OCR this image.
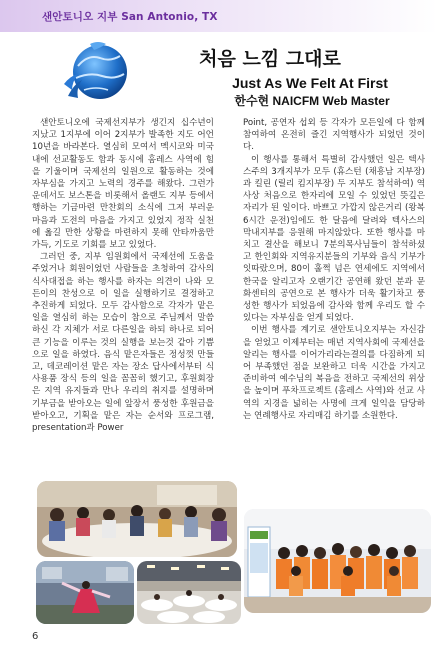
샌안토니오 지부 San Antonio, TX
처음 느낌 그대로
Just As We Felt At First
한수현 NAICFM Web Master

샌안토니오에 국제선지부가 생긴지 십수년이 지났고 1지부에 이어 2지부가 발족한 지도 어언 10년을 바라본다. 열심히 모여서 멕시코와 미국내에 선교활동도 함과 동시에 홈레스 사역에 힘을 기울이며 국제선의 일원으로 활동하는 것에 자부심을 가지고 노력의 경주를 해왔다. 그런가운데서도 보스톤을 비롯해서 올랜도 지부 등에서 행하는 기금마련 만찬회의 소식에 그저 부러운 마음과 도전의 마음을 가지고 있었지 정작 실천에 옮길 만한 상황을 마련하지 못해 안타까움만 가득, 기도로 기회를 보고 있었다.

그러던 중, 지부 임원회에서 국제선에 도움을 주었거나 회원이었던 사람들을 초청하여 감사의 식사대접을 하는 행사를 하자는 의견이 나와 모든이의 찬성으로 이 일을 실행하기로 결정하고 추진하게 되었다. 모두 감사함으로 각자가 맡은 일을 열심히 하는 모습이 참으로 주님께서 말씀하신 각 지체가 서로 다른일을 하되 하나로 되어 큰 기능을 이루는 것의 실행을 보는것 같아 기쁨으로 일을 하였다. 음식 맡은자들은 정성껏 만들고, 데코레이션 맡은 자는 장소 답사에서부터 식사용품 장식 등의 일을 꼼꼼히 했기고, 후원회장은 지역 유지들과 만나 우리의 취지를 설명하며 기부금을 받아오는 일에 앞장서 풍성한 후원금을 받아오고, 기획을 맡은 자는 순서와 프로그램, presentation과 Power

Point, 공연자 섭외 등 각자가 모든일에 다 함께 참여하여 온전히 즐긴 지역행사가 되었던 것이다.

이 행사를 통해서 특별히 감사했던 일은 텍사스주의 3개지부가 모두 (휴스턴 (채흥남 지부장)과 킬린 (릴리 킴지부장) 두 지부도 참석하여) 역사상 처음으로 한자리에 모일 수 있었던 뜻깊은 자리가 된 일이다. 바쁘고 가깝지 않은거리 (왕복6시간 운전)임에도 한 달음에 달려와 텍사스의 막내지부를 응원해 마지않았다. 또한 행사를 마치고 결산을 해보니 7분의목사님들이 참석하셨고 한인회와 지역유지분들의 기부와 음식 기부가 잇따랐으며, 80이 훌쩍 넘은 연세에도 지역에서 한국을 알리고자 오랜기간 공연해 왔던 분과 문화센터의 공연으로 본 행사가 더욱 활기차고 풍성한 행사가 되었음에 감사와 함께 우리도 할 수있다는 자부심을 얻게 되었다.

이번 행사를 계기로 샌안토니오지부는 자신감을 얻었고 이제부터는 매년 지역사회에 국제선을 알리는 행사를 이어가리라는결의를 다짐하게 되어 부족했던 점을 보완하고 더욱 시간을 가지고 준비하여 예수님의 복음을 전하고 국제선의 위상을 높이며 푸차프로젝트 (홈레스 사역)와 선교 사역의 지경을 넓히는 사명에 크게 일익을 담당하는 연례행사로 자리매김 하기를 소원한다.

6
